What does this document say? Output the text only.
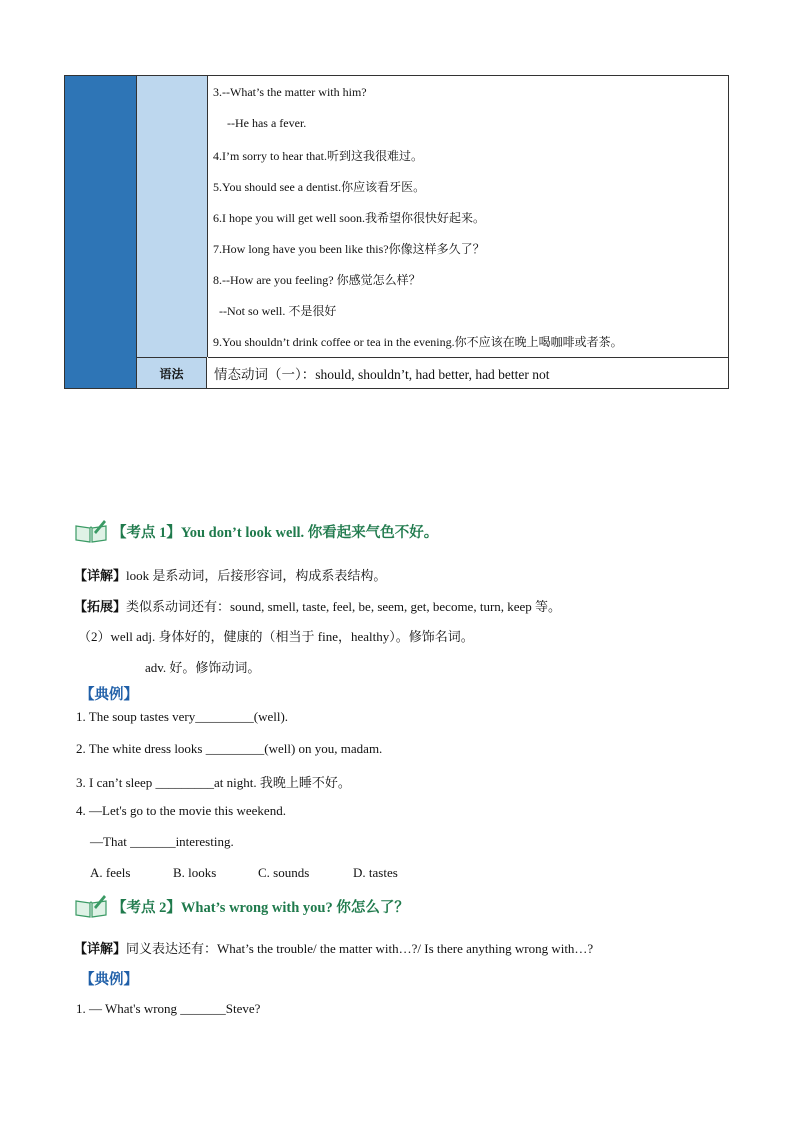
3.--What’s the matter with him?
--He has a fever.
4.I’m sorry to hear that.听到这我很难过。
5.You should see a dentist.你应该看牙医。
6.I hope you will get well soon.我希望你很快好起来。
7.How long have you been like this?你像这样多久了？
8.--How are you feeling? 你感觉怎么样？
--Not so well. 不是很好
9.You shouldn’t drink coffee or tea in the evening.你不应该在晚上喝咖啡或者茶。
语法	情态动词（一）：should, shouldn’t, had better, had better not
【考点 1】You don’t look well. 你看起来气色不好。
【详解】look 是系动词，后接形容词，构成系表结构。
【拓展】类似系动词还有：sound, smell, taste, feel, be, seem, get, become, turn, keep 等。
（2）well adj. 身体好的，健康的（相当于 fine，healthy）。修饰名词。
adv. 好。修饰动词。
【典例】
1. The soup tastes very_________(well).
2. The white dress looks _________(well) on you, madam.
3. I can’t sleep _________at night. 我晚上睡不好。
4. —Let's go to the movie this weekend.
—That _______interesting.
A. feels	B. looks	C. sounds	D. tastes
【考点 2】What’s wrong with you? 你怎么了？
【详解】同义表达还有：What’s the trouble/ the matter with…?/ Is there anything wrong with…?
【典例】
1. — What's wrong _______Steve?
